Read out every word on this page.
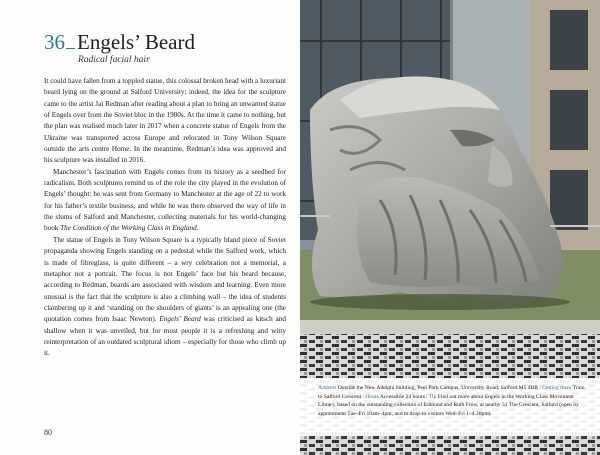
36 Engels’ Beard
Radical facial hair

It could have fallen from a toppled statue, this colossal broken head with a luxuriant beard lying on the ground at Salford University; indeed, the idea for the sculpture came to the artist Jai Redman after reading about a plan to bring an unwanted statue of Engels over from the Soviet bloc in the 1980s. At the time it came to nothing, but the plan was realised much later in 2017 when a concrete statue of Engels from the Ukraine was transported across Europe and relocated in Tony Wilson Square outside the arts centre Home. In the meantime, Redman’s idea was approved and his sculpture was installed in 2016.

Manchester’s fascination with Engels comes from its history as a seedbed for radicalism. Both sculptures remind us of the role the city played in the evolution of Engels’ thought: he was sent from Germany to Manchester at the age of 22 to work for his father’s textile business, and while he was there observed the way of life in the slums of Salford and Manchester, collecting materials for his world-changing book The Condition of the Working Class in England.

The statue of Engels in Tony Wilson Square is a typically bland piece of Soviet propaganda showing Engels standing on a pedestal while the Salford work, which is made of fibreglass, is quite different – a wry celebration not a memorial, a metaphor not a portrait. The focus is not Engels’ face but his beard because, according to Redman, beards are associated with wisdom and learning. Even more unusual is the fact that the sculpture is also a climbing wall – the idea of students clambering up it and ‘standing on the shoulders of giants’ is an appealing one (the quotation comes from Isaac Newton). Engels’ Beard was criticised as kitsch and shallow when it was unveiled, but for most people it is a refreshing and witty reinterpretation of an outdated sculptural idiom – especially for those who climb up it.

80
Address Outside the New Adelphi building, Peel Park Campus, University Road, Salford M5 4BR | Getting there Train to Salford Crescent | Hours Accessible 24 hours | Tip Find out more about Engels in the Working Class Movement Library, based on the outstanding collection of Edmund and Ruth Frow, at nearby 51 The Crescent, Salford (open by appointment Tue–Fri 10am–4pm, and to drop-in visitors Wed–Fri 1–4.30pm).
